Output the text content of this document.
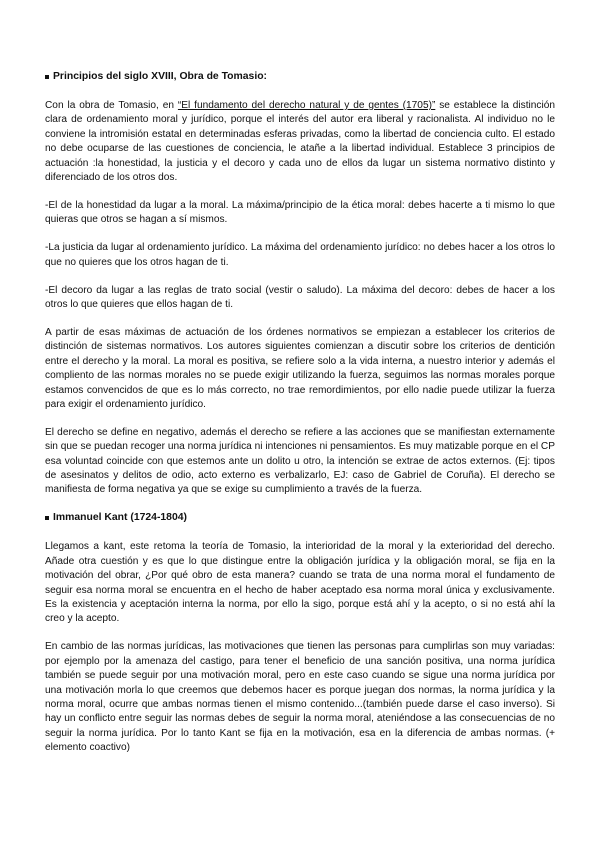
Principios del siglo XVIII, Obra de Tomasio:

Con la obra de Tomasio, en “El fundamento del derecho natural y de gentes (1705)” se establece la distinción clara de ordenamiento moral y jurídico, porque el interés del autor era liberal y racionalista. Al individuo no le conviene la intromisión estatal en determinadas esferas privadas, como la libertad de conciencia culto. El estado no debe ocuparse de las cuestiones de conciencia, le atañe a la libertad individual. Establece 3 principios de actuación :la honestidad, la justicia y el decoro y cada uno de ellos da lugar un sistema normativo distinto y diferenciado de los otros dos.

-El de la honestidad da lugar a la moral. La máxima/principio de la ética moral: debes hacerte a ti mismo lo que quieras que otros se hagan a sí mismos.

-La justicia da lugar al ordenamiento jurídico. La máxima del ordenamiento jurídico: no debes hacer a los otros lo que no quieres que los otros hagan de ti.

-El decoro da lugar a las reglas de trato social (vestir o saludo). La máxima del decoro: debes de hacer a los otros lo que quieres que ellos hagan de ti.

A partir de esas máximas de actuación de los órdenes normativos se empiezan a establecer los criterios de distinción de sistemas normativos. Los autores siguientes comienzan a discutir sobre los criterios de dentición entre el derecho y la moral. La moral es positiva, se refiere solo a la vida interna, a nuestro interior y además el compliento de las normas morales no se puede exigir utilizando la fuerza, seguimos las normas morales porque estamos convencidos de que es lo más correcto, no trae remordimientos, por ello nadie puede utilizar la fuerza para exigir el ordenamiento jurídico.

El derecho se define en negativo, además el derecho se refiere a las acciones que se manifiestan externamente sin que se puedan recoger una norma jurídica ni intenciones ni pensamientos. Es muy matizable porque en el CP esa voluntad coincide con que estemos ante un dolito u otro, la intención se extrae de actos externos. (Ej: tipos de asesinatos y delitos de odio, acto externo es verbalizarlo, EJ: caso de Gabriel de Coruña). El derecho se manifiesta de forma negativa ya que se exige su cumplimiento a través de la fuerza.

Immanuel Kant (1724-1804)

Llegamos a kant, este retoma la teoría de Tomasio, la interioridad de la moral y la exterioridad del derecho. Añade otra cuestión y es que lo que distingue entre la obligación jurídica y la obligación moral, se fija en la motivación del obrar, ¿Por qué obro de esta manera? cuando se trata de una norma moral el fundamento de seguir esa norma moral se encuentra en el hecho de haber aceptado esa norma moral única y exclusivamente. Es la existencia y aceptación interna la norma, por ello la sigo, porque está ahí y la acepto, o si no está ahí la creo y la acepto.

En cambio de las normas jurídicas, las motivaciones que tienen las personas para cumplirlas son muy variadas: por ejemplo por la amenaza del castigo, para tener el beneficio de una sanción positiva, una norma jurídica también se puede seguir por una motivación moral, pero en este caso cuando se sigue una norma jurídica por una motivación morla lo que creemos que debemos hacer es porque juegan dos normas, la norma jurídica y la norma moral, ocurre que ambas normas tienen el mismo contenido...(también puede darse el caso inverso). Si hay un conflicto entre seguir las normas debes de seguir la norma moral, ateniéndose a las consecuencias de no seguir la norma jurídica. Por lo tanto Kant se fija en la motivación, esa en la diferencia de ambas normas. (+ elemento coactivo)
